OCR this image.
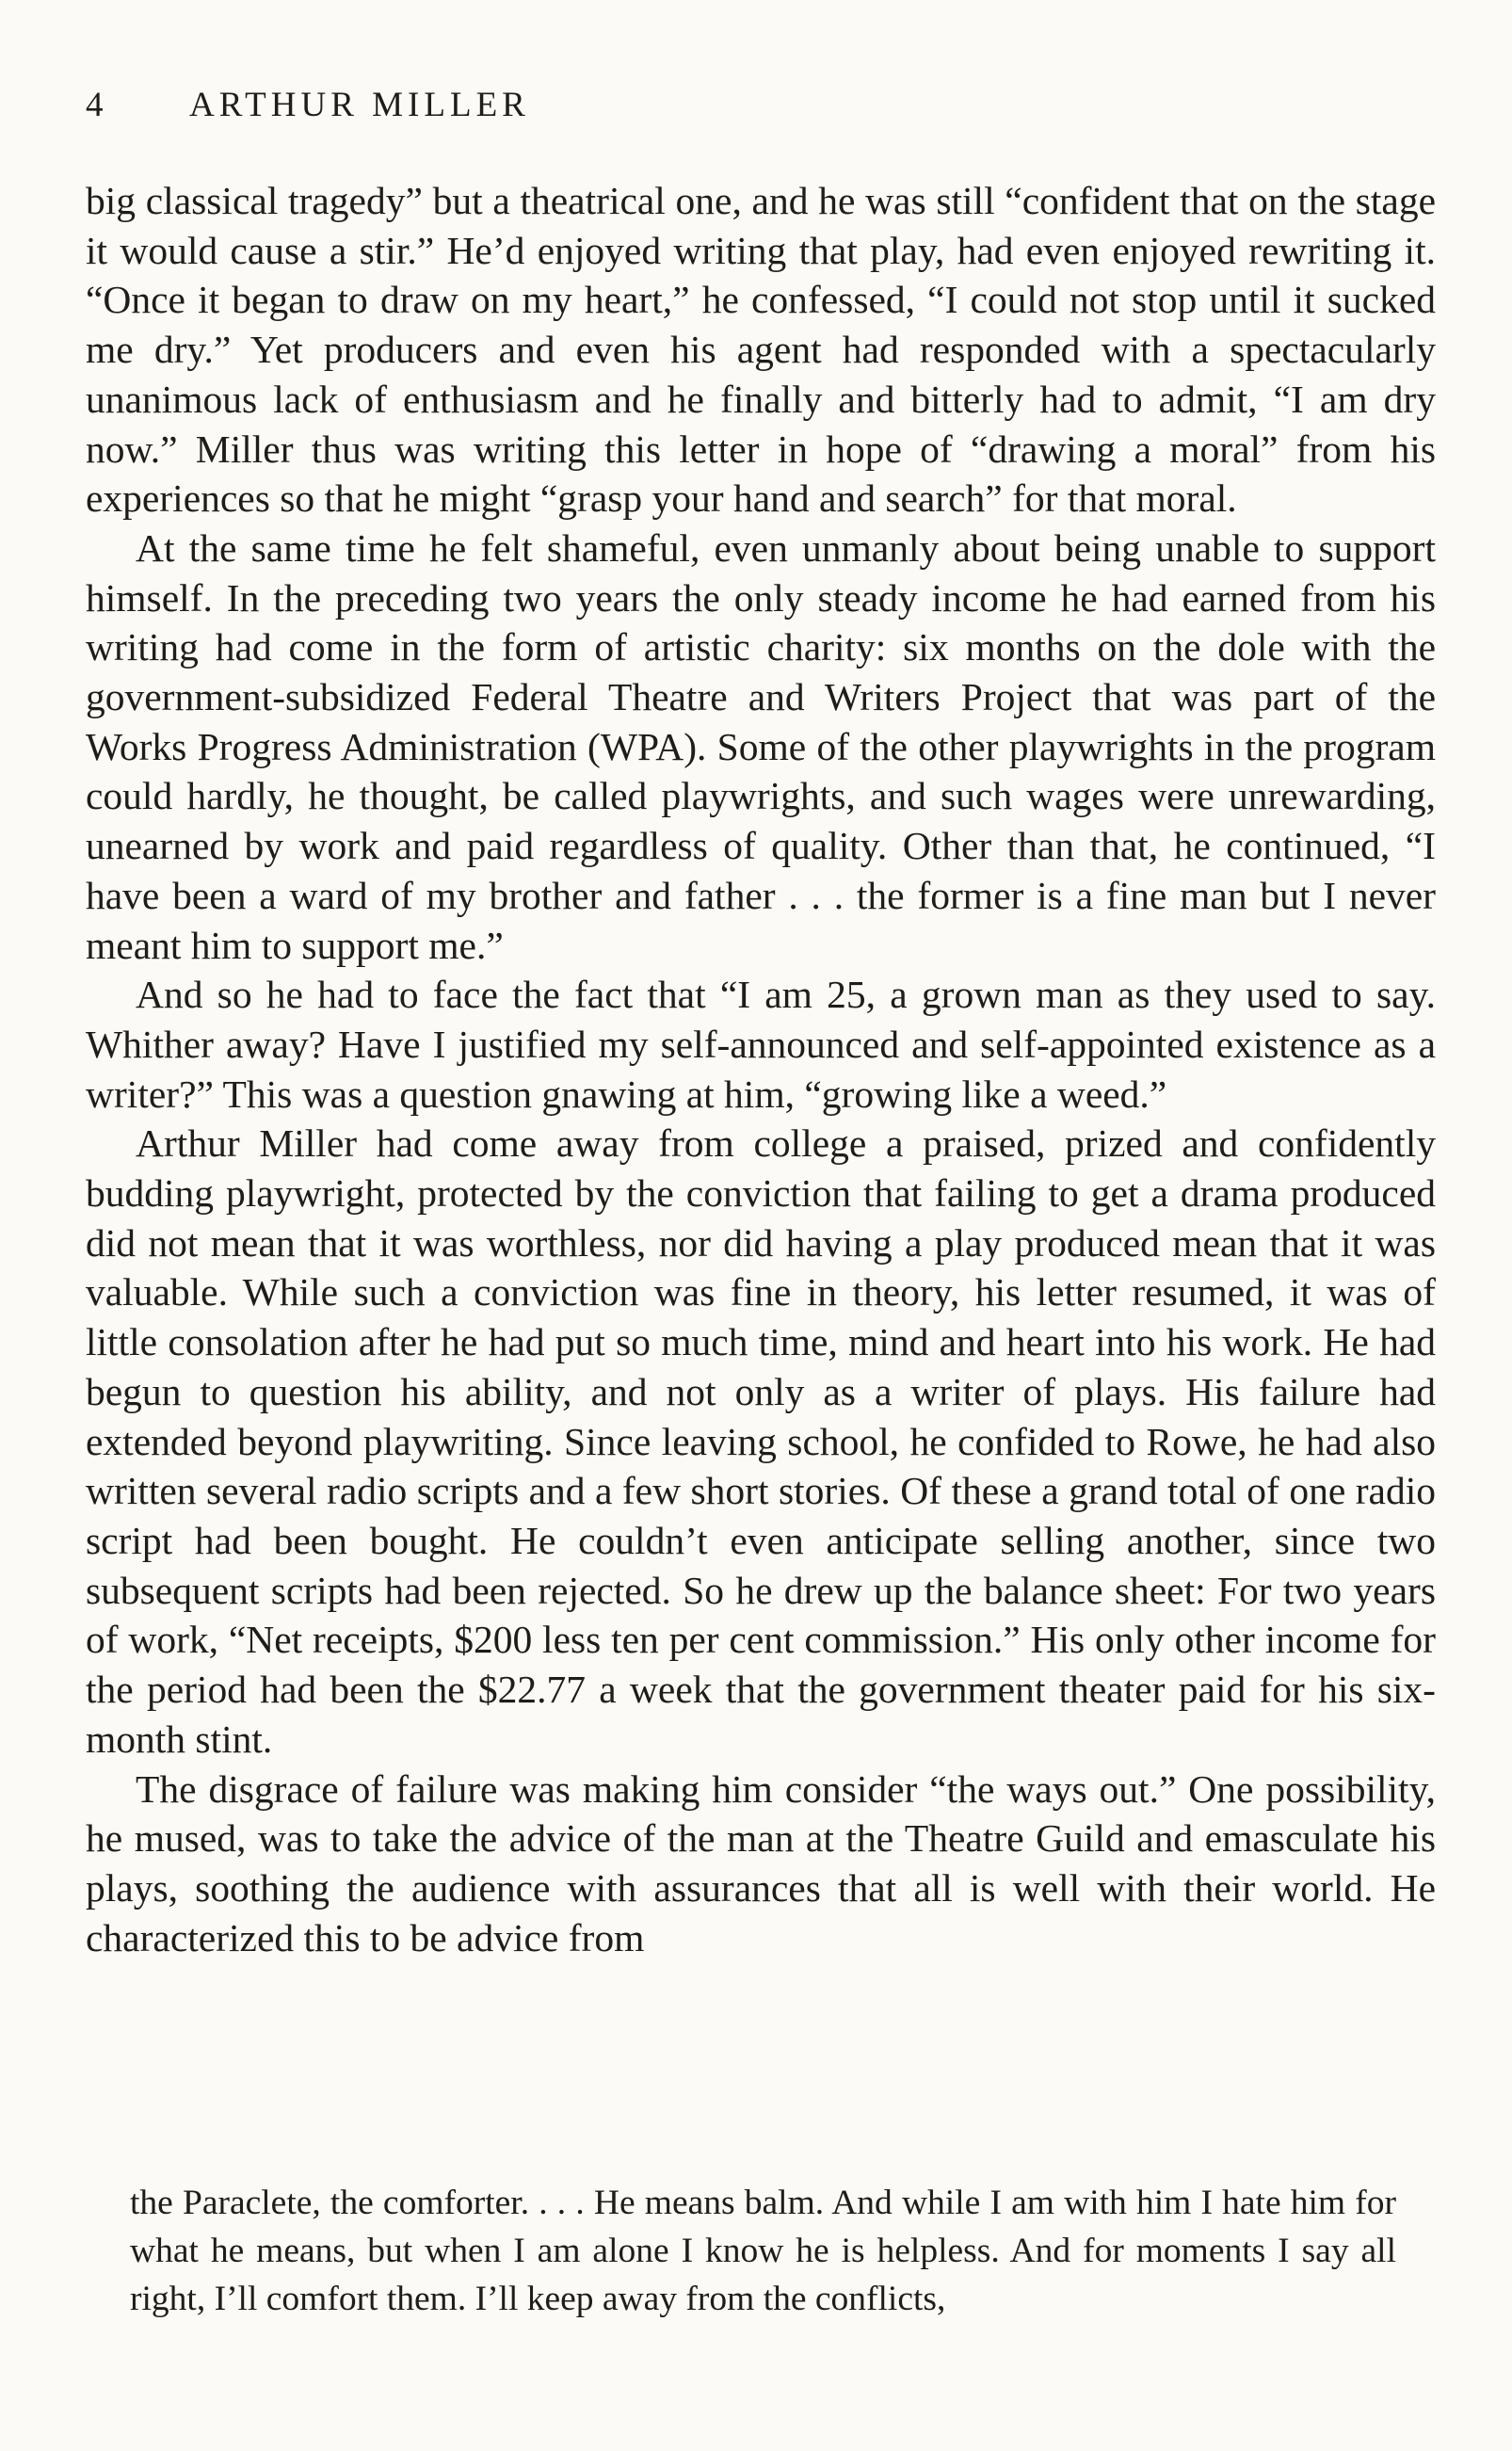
4	ARTHUR MILLER

big classical tragedy” but a theatrical one, and he was still “confident that on the stage it would cause a stir.” He’d enjoyed writing that play, had even enjoyed rewriting it. “Once it began to draw on my heart,” he confessed, “I could not stop until it sucked me dry.” Yet producers and even his agent had responded with a spectacularly unanimous lack of enthusiasm and he finally and bitterly had to admit, “I am dry now.” Miller thus was writing this letter in hope of “drawing a moral” from his experiences so that he might “grasp your hand and search” for that moral.

At the same time he felt shameful, even unmanly about being unable to support himself. In the preceding two years the only steady income he had earned from his writing had come in the form of artistic charity: six months on the dole with the government-subsidized Federal Theatre and Writers Project that was part of the Works Progress Administration (WPA). Some of the other playwrights in the program could hardly, he thought, be called playwrights, and such wages were unrewarding, unearned by work and paid regardless of quality. Other than that, he continued, “I have been a ward of my brother and father . . . the former is a fine man but I never meant him to support me.”

And so he had to face the fact that “I am 25, a grown man as they used to say. Whither away? Have I justified my self-announced and self-appointed existence as a writer?” This was a question gnawing at him, “growing like a weed.”

Arthur Miller had come away from college a praised, prized and confidently budding playwright, protected by the conviction that failing to get a drama produced did not mean that it was worthless, nor did having a play produced mean that it was valuable. While such a conviction was fine in theory, his letter resumed, it was of little consolation after he had put so much time, mind and heart into his work. He had begun to question his ability, and not only as a writer of plays. His failure had extended beyond playwriting. Since leaving school, he confided to Rowe, he had also written several radio scripts and a few short stories. Of these a grand total of one radio script had been bought. He couldn’t even anticipate selling another, since two subsequent scripts had been rejected. So he drew up the balance sheet: For two years of work, “Net receipts, $200 less ten per cent commission.” His only other income for the period had been the $22.77 a week that the government theater paid for his six-month stint.

The disgrace of failure was making him consider “the ways out.” One possibility, he mused, was to take the advice of the man at the Theatre Guild and emasculate his plays, soothing the audience with assurances that all is well with their world. He characterized this to be advice from

the Paraclete, the comforter. . . . He means balm. And while I am with him I hate him for what he means, but when I am alone I know he is helpless. And for moments I say all right, I’ll comfort them. I’ll keep away from the conflicts,
